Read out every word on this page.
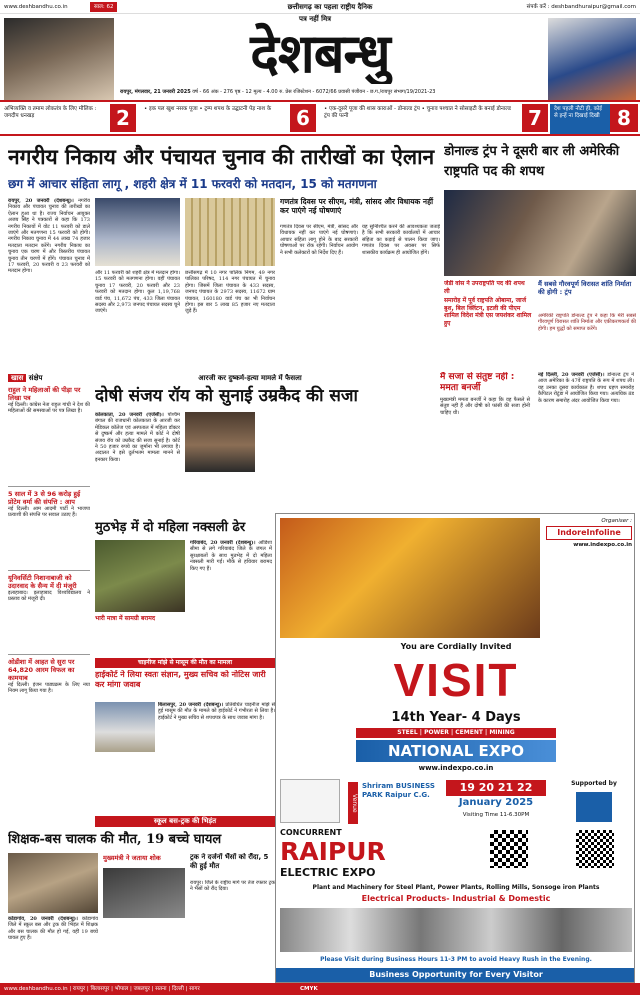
www.deshbandhu.co.in	साल: 62	छत्तीसगढ़ का पहला राष्ट्रीय दैनिक	संपर्क करें : deshbandhuraipur@gmail.com
पत्र नहीं मित्र
देशबन्धु
रायपुर, मंगलवार, 21 जनवरी 2025 वर्ष - 66 अंक - 276 पृष्ठ - 12 मूल्य - 4.00 रु. प्रेस रजिस्टेशन - 6072/66 प्रवासी पंजीयन - छ.ग./रायपुर संभाग/19/2021-23
अभिव्यक्ति व तमाम लोकतंत्र के लिए मौलिक : जगदीप धनखड़	2	• इक पल खुश नसक पूजा • ट्रम्प शपथ के उद्घाटनी पेड़ नाश के	6	• एक-दूसरे पूजा की शास काराओं - डोनाल्ड ट्रंप • चुनाव पश्चात ने सोसाइटी के बनाई डोनाल्ड ट्रंप की पत्नी	7	देश पहली नौटी ही, कोई से इन्हें ना दिखाई दिखी 8
नगरीय निकाय और पंचायत चुनाव की तारीखों का ऐलान
छग में आचार संहिता लागू , शहरी क्षेत्र में 11 फरवरी को मतदान, 15 को मतगणना
रायपुर, 20 जनवरी (देशबन्धु)। नगरीय निकाय और पंचायत चुनाव की तारीखों का ऐलान हुआ था है। राज्य निर्वाचन आयुक्त अजय सिंह ने पत्रकारों से कहा कि 173 नगरीय निकायों में वोट 11 फरवरी को डाले जाएंगे और मतगणना 15 फरवरी को होगी। नगरीय निकाय चुनाव में 44 लाख 74 हजार मतदाता मतदान करेंगे। नगरीय निकाय का चुनाव एक चरण में और त्रिस्तरीय पंचायत चुनाव तीन चरणों में होंगे। पंचायत चुनाव में 17 फरवरी, 20 फरवरी व 23 फरवरी को मतदान होगा।	और 11 फरवरी को शहरी क्षेत्र में मतदान होगा। 15 फरवरी को मतगणना होगा। वहीं पंचायत चुनाव 17 फरवरी, 20 फरवरी और 23 फरवरी को मतदान होगा। कुल 1,19,768 वार्ड पंच, 11,672 पंच, 433 जिला पंचायत सदस्य और 2,973 जनपद पंचायत सदस्य चुने जाएंगे।
छत्तीसगढ़ में 10 नगर पालिक निगम, 49 नगर पालिका परिषद, 114 नगर पंचायत में चुनाव होगा। जिसमें जिला पंचायत के 433 सदस्य, जनपद पंचायत के 2973 सदस्य, 11672 ग्राम पंचायत, 160180 वार्ड पंच का भी निर्वाचन होगा। इस बार 5 लाख 85 हजार नए मतदाता जुड़े हैं।
गणतंत्र दिवस पर सीएम, मंत्री, सांसद और विधायक नहीं कर पाएंगे नई घोषणाएं
गणतंत्र दिवस पर सीएम, मंत्री, सांसद और विधायक नहीं कर पाएंगे नई घोषणाएं। आचार संहिता लागू होने के बाद सरकारी घोषणाओं पर रोक रहेगी। निर्वाचन आयोग ने सभी कलेक्टरों को निर्देश दिए हैं।
यह सुनिश्चित करने की आवश्यकता जताई है कि सभी सरकारी कार्यालयों में आचार संहिता का कड़ाई से पालन किया जाए। गणतंत्र दिवस पर अवसर पर सिर्फ शासकीय कार्यक्रम ही आयोजित होंगे।
डोनाल्ड ट्रंप ने दूसरी बार ली अमेरिकी राष्ट्रपति पद की शपथ
जेडी वांस ने उपराष्ट्रपति पद की शपथ ली
समारोह में पूर्व राष्ट्रपति ओबामा, जार्ज बुश, बिल क्लिंटन, इटली की पीएम शामिल विदेश मंत्री एस जयशंकर शामिल हुए
मैं सबसे गौरवपूर्ण विरासत शांति निर्माता की होगी : ट्रंप
अमेरिकी राष्ट्रपति डोनाल्ड ट्रंप ने कहा कि मेरी सबसे गौरवपूर्ण विरासत शांति निर्माता और एकीकरणकर्ता की होगी। हम युद्धों को समाप्त करेंगे।
खास संक्षेप
राहुल ने महिलाओं की पीड़ा पर लिखा पत्र
नई दिल्ली। कांग्रेस नेता राहुल गांधी ने देश की महिलाओं की समस्याओं पर पत्र लिखा है।
5 साल में 3 से 96 करोड़ हुई प्रोटेम वर्मा की संपत्ति : आप
नई दिल्ली। आम आदमी पार्टी ने भाजपा प्रत्याशी की संपत्ति पर सवाल उठाए हैं।
यूनिवर्सिटी निशानाबाजी को उदारवाद के सैन्य में दी मंजूरी
इलाहाबाद। इलाहाबाद विश्वविद्यालय ने प्रस्ताव को मंजूरी दी।
ओडीशा में आहत से सुरा पर 64,820 आरम विफल का कामयाब
नई दिल्ली। इंजन पाठ्यक्रम के लिए नया नियम लागू किया गया है।
आरजी कर दुष्कर्म-हत्या मामले में फैसला
दोषी संजय रॉय को सुनाई उम्रकैद की सजा
कोलकाता, 20 जनवरी (एजेंसी)। पश्चिम बंगाल की राजधानी कोलकाता के आरजी कर मेडिकल कॉलेज एवं अस्पताल में महिला डॉक्टर से दुष्कर्म और हत्या मामले में कोर्ट ने दोषी संजय रॉय को उम्रकैद की सजा सुनाई है। कोर्ट ने 50 हजार रुपये का जुर्माना भी लगाया है। अदालत ने इसे दुर्लभतम मामला मानने से इनकार किया।
मैं सजा से संतुष्ट नहीं : ममता बनर्जी
मुख्यमंत्री ममता बनर्जी ने कहा कि वह फैसले से संतुष्ट नहीं हैं और दोषी को फांसी की सजा होनी चाहिए थी।
नई दिल्ली, 20 जनवरी (एजेंसी)। डोनाल्ड ट्रंप ने आज अमेरिका के 47वें राष्ट्रपति के रूप में शपथ ली। यह उनका दूसरा कार्यकाल है। शपथ ग्रहण समारोह कैपिटल रोटुंडा में आयोजित किया गया। अत्यधिक ठंड के कारण समारोह अंदर आयोजित किया गया।
मुठभेड़ में दो महिला नक्सली ढेर
गरियाबंद, 20 जनवरी (देशबन्धु)। ओडिशा सीमा से लगे गरियाबंद जिले के जंगल में सुरक्षाबलों के साथ मुठभेड़ में दो महिला नक्सली मारी गईं। मौके से हथियार बरामद किए गए हैं।
भारी मात्रा में सामग्री बरामद
चाइनीज मांझे से मासूम की मौत का मामला
हाईकोर्ट ने लिया स्वतः संज्ञान, मुख्य सचिव को नोटिस जारी कर मांगा जवाब
बिलासपुर, 20 जनवरी (देशबन्धु)। प्रतिबंधित चाइनीज मांझे से हुई मासूम की मौत के मामले को हाईकोर्ट ने गंभीरता से लिया है। हाईकोर्ट ने मुख्य सचिव से शपथपत्र के साथ जवाब मांगा है।
स्कूल बस-ट्रक की भिड़ंत
शिक्षक-बस चालक की मौत, 19 बच्चे घायल
कोंडागांव, 20 जनवरी (देशबन्धु)। कोंडागांव जिले में स्कूल बस और ट्रक की भिड़ंत में शिक्षक और बस चालक की मौत हो गई, वहीं 19 बच्चे घायल हुए हैं।
मुख्यमंत्री ने जताया शोक	ट्रक ने दर्जनों भैंसों को रौंदा, 5 की हुई मौत
रायपुर। जिले के राष्ट्रीय मार्ग पर तेज रफ्तार ट्रक ने भैंसों को रौंद दिया।
Organiser :
IndoreInfoline
www.indexpo.co.in
You are Cordially Invited
VISIT
14th Year- 4 Days
STEEL | POWER | CEMENT | MINING
NATIONAL EXPO
www.indexpo.co.in
Venue
Shriram BUSINESS PARK Raipur C.G.
19 20 21 22
January 2025
Visiting Time 11-6.30PM
Supported by
CONCURRENT
RAIPUR
ELECTRIC EXPO
Plant and Machinery for Steel Plant, Power Plants, Rolling Mills, Sonsoge iron Plants
Electrical Products- Industrial & Domestic
Please Visit during Business Hours 11-3 PM to avoid Heavy Rush in the Evening.
Business Opportunity for Every Visitor
www.deshbandhu.co.in | रायपुर | बिलासपुर | भोपाल | जबलपुर | सतना | दिल्ली | सागर	CMYK
